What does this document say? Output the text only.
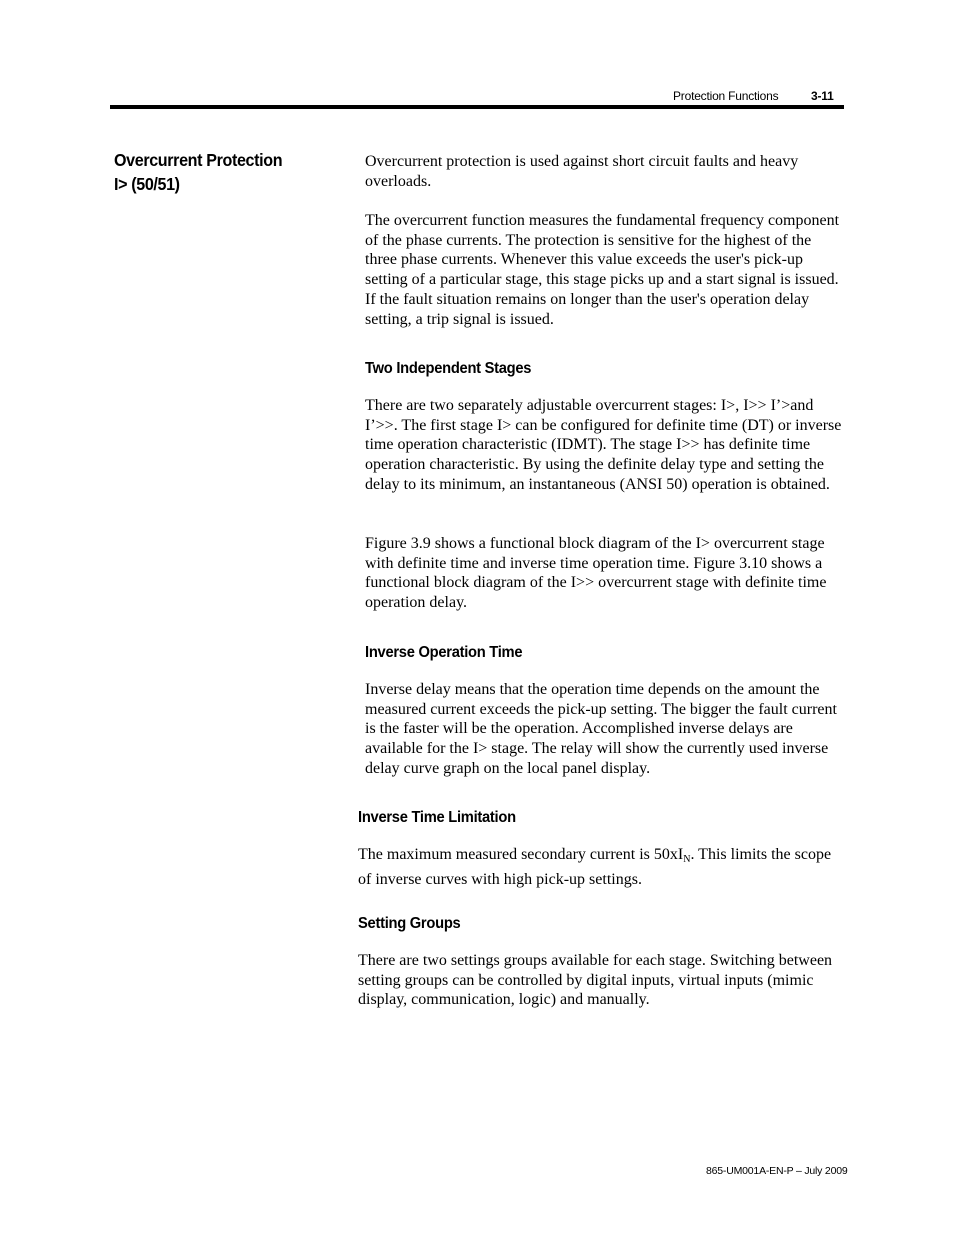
Protection Functions	3-11
Overcurrent Protection
I> (50/51)

Overcurrent protection is used against short circuit faults and heavy overloads.

The overcurrent function measures the fundamental frequency component of the phase currents. The protection is sensitive for the highest of the three phase currents. Whenever this value exceeds the user's pick-up setting of a particular stage, this stage picks up and a start signal is issued. If the fault situation remains on longer than the user's operation delay setting, a trip signal is issued.

Two Independent Stages

There are two separately adjustable overcurrent stages: I>, I>> I’>and I’>>. The first stage I> can be configured for definite time (DT) or inverse time operation characteristic (IDMT). The stage I>> has definite time operation characteristic. By using the definite delay type and setting the delay to its minimum, an instantaneous (ANSI 50) operation is obtained.

Figure 3.9 shows a functional block diagram of the I> overcurrent stage with definite time and inverse time operation time. Figure 3.10 shows a functional block diagram of the I>> overcurrent stage with definite time operation delay.

Inverse Operation Time

Inverse delay means that the operation time depends on the amount the measured current exceeds the pick-up setting. The bigger the fault current is the faster will be the operation. Accomplished inverse delays are available for the I> stage. The relay will show the currently used inverse delay curve graph on the local panel display.

Inverse Time Limitation

The maximum measured secondary current is $50xI_N$. This limits the scope of inverse curves with high pick-up settings.

Setting Groups

There are two settings groups available for each stage. Switching between setting groups can be controlled by digital inputs, virtual inputs (mimic display, communication, logic) and manually.

865-UM001A-EN-P – July 2009
